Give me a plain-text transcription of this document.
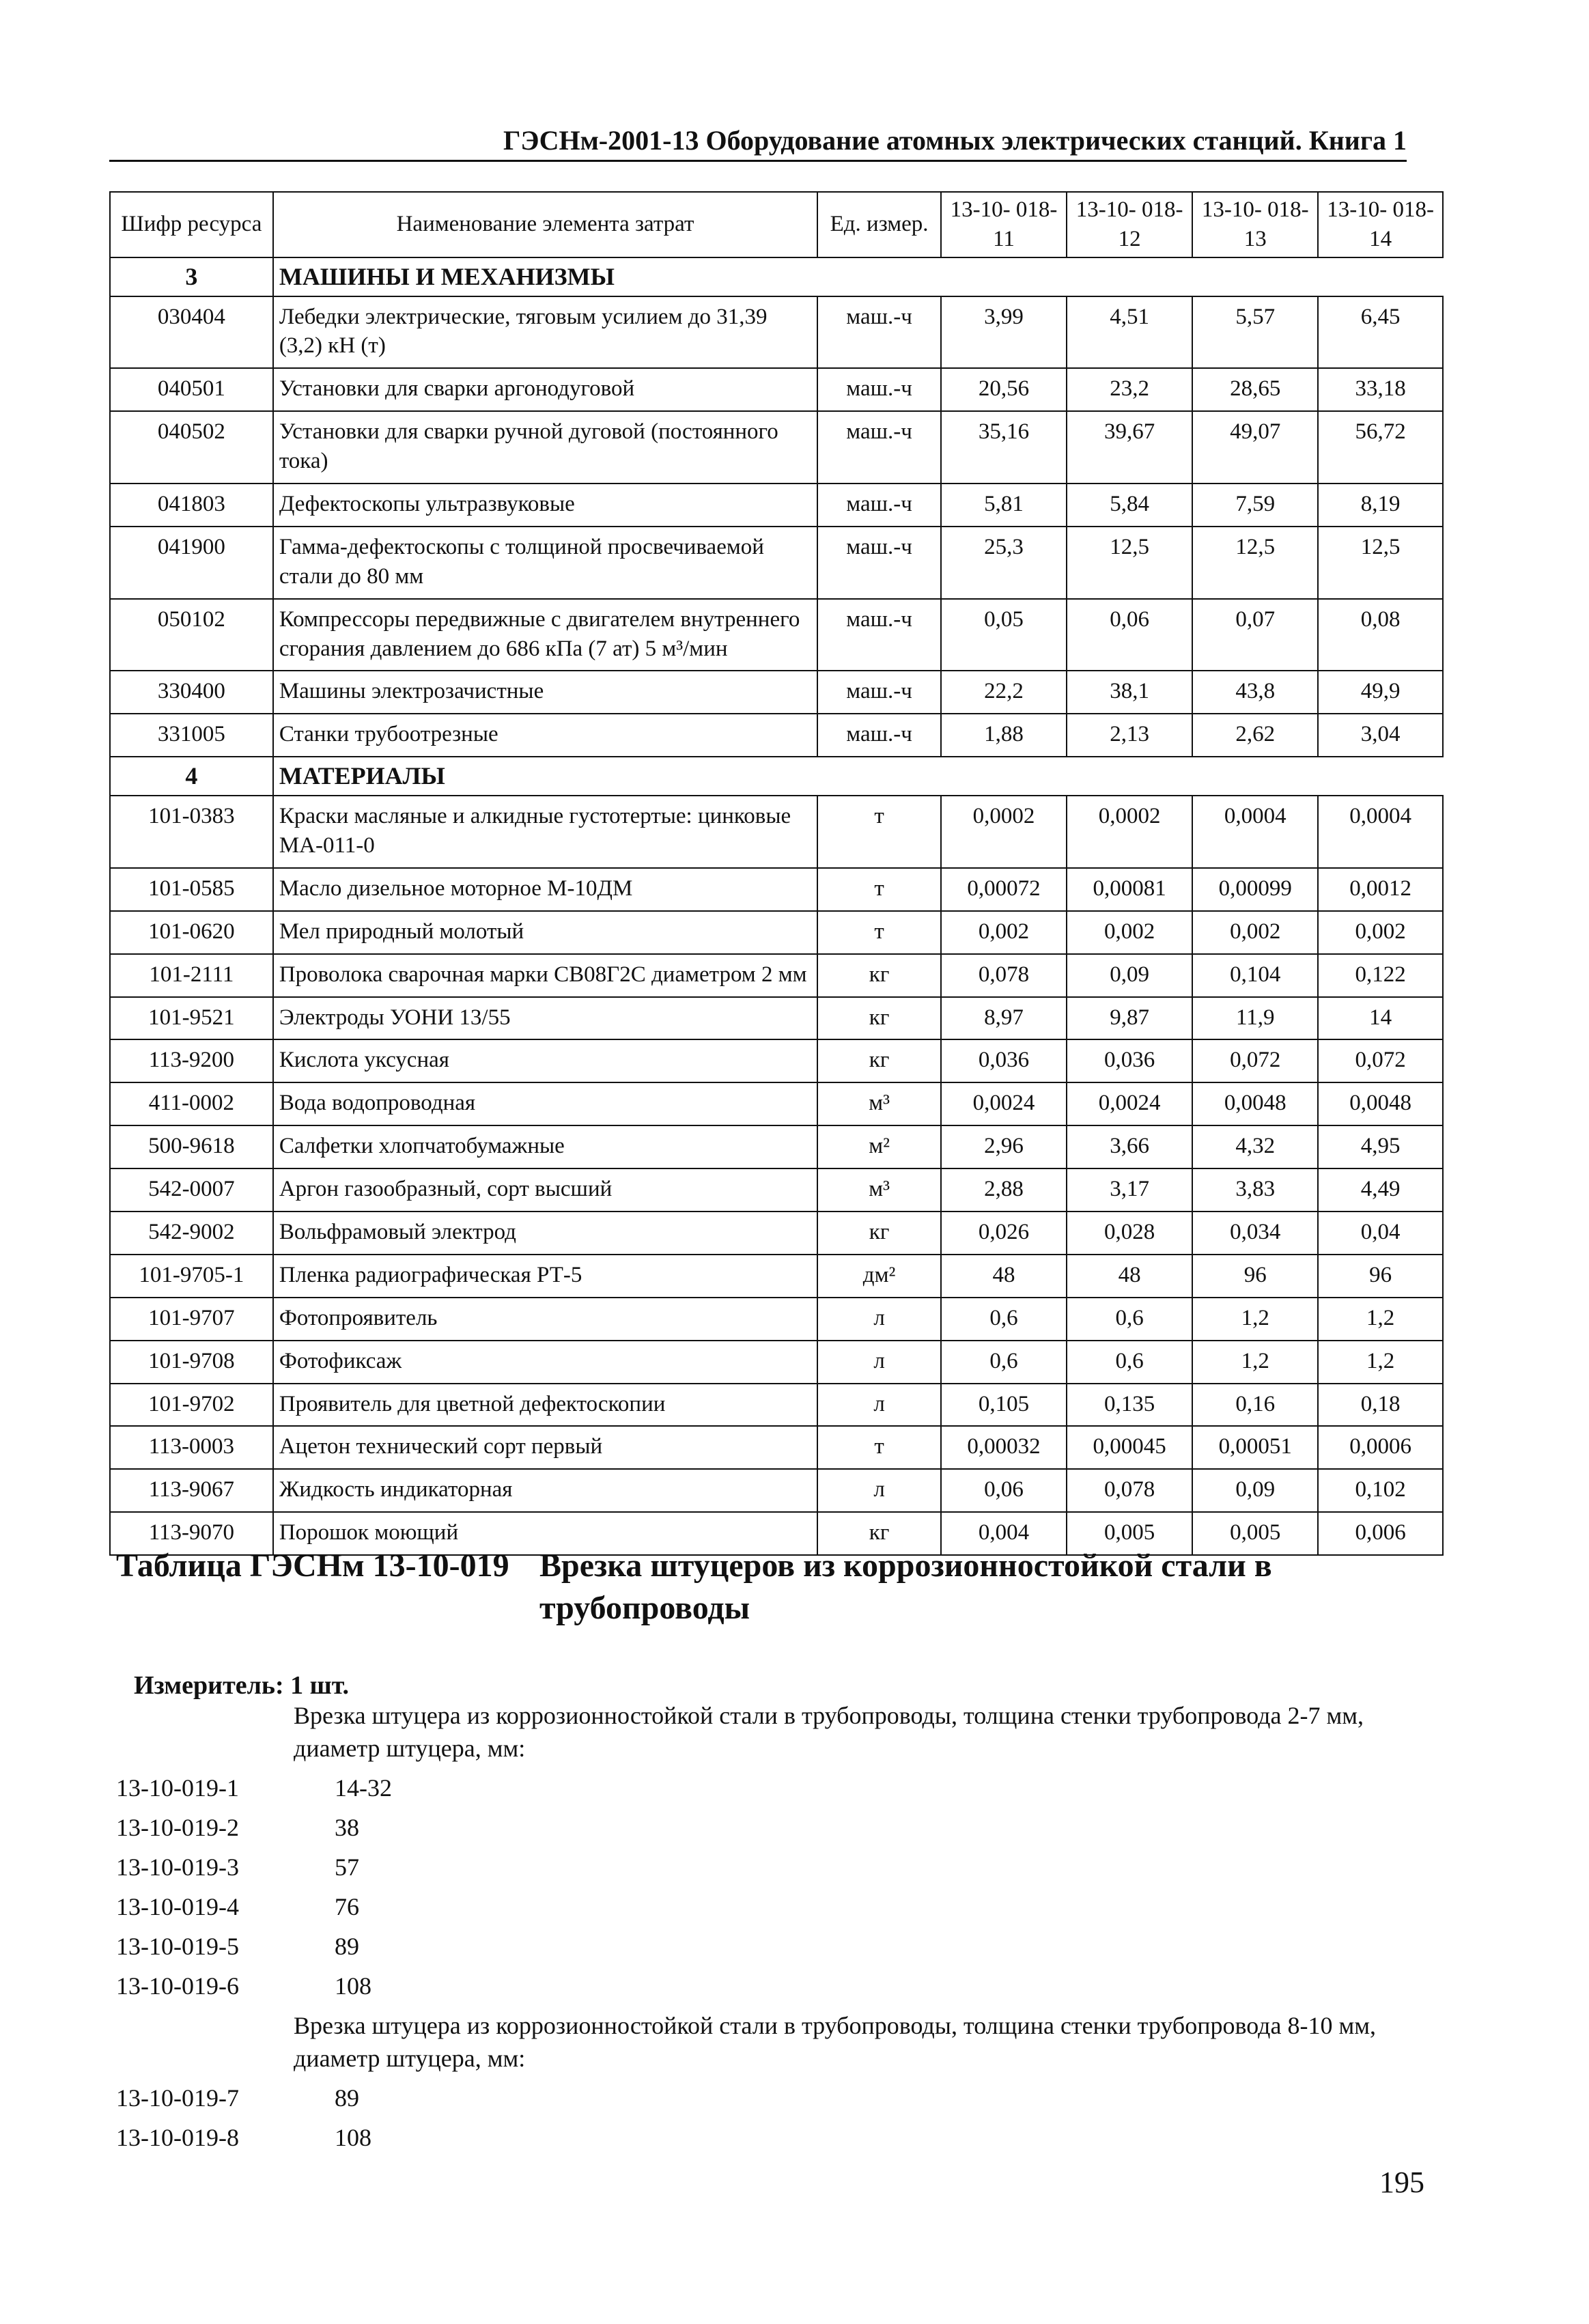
ГЭСНм-2001-13 Оборудование атомных электрических станций. Книга 1
Шифр ресурса	Наименование элемента затрат	Ед. измер.	13-10- 018-11	13-10- 018-12	13-10- 018-13	13-10- 018-14
3	МАШИНЫ И МЕХАНИЗМЫ					
030404	Лебедки электрические, тяговым усилием до 31,39 (3,2) кН (т)	маш.-ч	3,99	4,51	5,57	6,45
040501	Установки для сварки аргонодуговой	маш.-ч	20,56	23,2	28,65	33,18
040502	Установки для сварки ручной дуговой (постоянного тока)	маш.-ч	35,16	39,67	49,07	56,72
041803	Дефектоскопы ультразвуковые	маш.-ч	5,81	5,84	7,59	8,19
041900	Гамма-дефектоскопы с толщиной просвечиваемой стали до 80 мм	маш.-ч	25,3	12,5	12,5	12,5
050102	Компрессоры передвижные с двигателем внутреннего сгорания давлением до 686 кПа (7 ат) 5 м³/мин	маш.-ч	0,05	0,06	0,07	0,08
330400	Машины электрозачистные	маш.-ч	22,2	38,1	43,8	49,9
331005	Станки трубоотрезные	маш.-ч	1,88	2,13	2,62	3,04
4	МАТЕРИАЛЫ					
101-0383	Краски масляные и алкидные густотертые: цинковые МА-011-0	т	0,0002	0,0002	0,0004	0,0004
101-0585	Масло дизельное моторное М-10ДМ	т	0,00072	0,00081	0,00099	0,0012
101-0620	Мел природный молотый	т	0,002	0,002	0,002	0,002
101-2111	Проволока сварочная марки СВ08Г2С диаметром 2 мм	кг	0,078	0,09	0,104	0,122
101-9521	Электроды УОНИ 13/55	кг	8,97	9,87	11,9	14
113-9200	Кислота уксусная	кг	0,036	0,036	0,072	0,072
411-0002	Вода водопроводная	м³	0,0024	0,0024	0,0048	0,0048
500-9618	Салфетки хлопчатобумажные	м²	2,96	3,66	4,32	4,95
542-0007	Аргон газообразный, сорт высший	м³	2,88	3,17	3,83	4,49
542-9002	Вольфрамовый электрод	кг	0,026	0,028	0,034	0,04
101-9705-1	Пленка радиографическая РТ-5	дм²	48	48	96	96
101-9707	Фотопроявитель	л	0,6	0,6	1,2	1,2
101-9708	Фотофиксаж	л	0,6	0,6	1,2	1,2
101-9702	Проявитель для цветной дефектоскопии	л	0,105	0,135	0,16	0,18
113-0003	Ацетон технический сорт первый	т	0,00032	0,00045	0,00051	0,0006
113-9067	Жидкость индикаторная	л	0,06	0,078	0,09	0,102
113-9070	Порошок моющий	кг	0,004	0,005	0,005	0,006
Таблица ГЭСНм 13-10-019 Врезка штуцеров из коррозионностойкой стали в трубопроводы
Измеритель: 1 шт.
Врезка штуцера из коррозионностойкой стали в трубопроводы, толщина стенки трубопровода 2-7 мм, диаметр штуцера, мм:
13-10-019-1	14-32
13-10-019-2	38
13-10-019-3	57
13-10-019-4	76
13-10-019-5	89
13-10-019-6	108
Врезка штуцера из коррозионностойкой стали в трубопроводы, толщина стенки трубопровода 8-10 мм, диаметр штуцера, мм:
13-10-019-7	89
13-10-019-8	108
195
